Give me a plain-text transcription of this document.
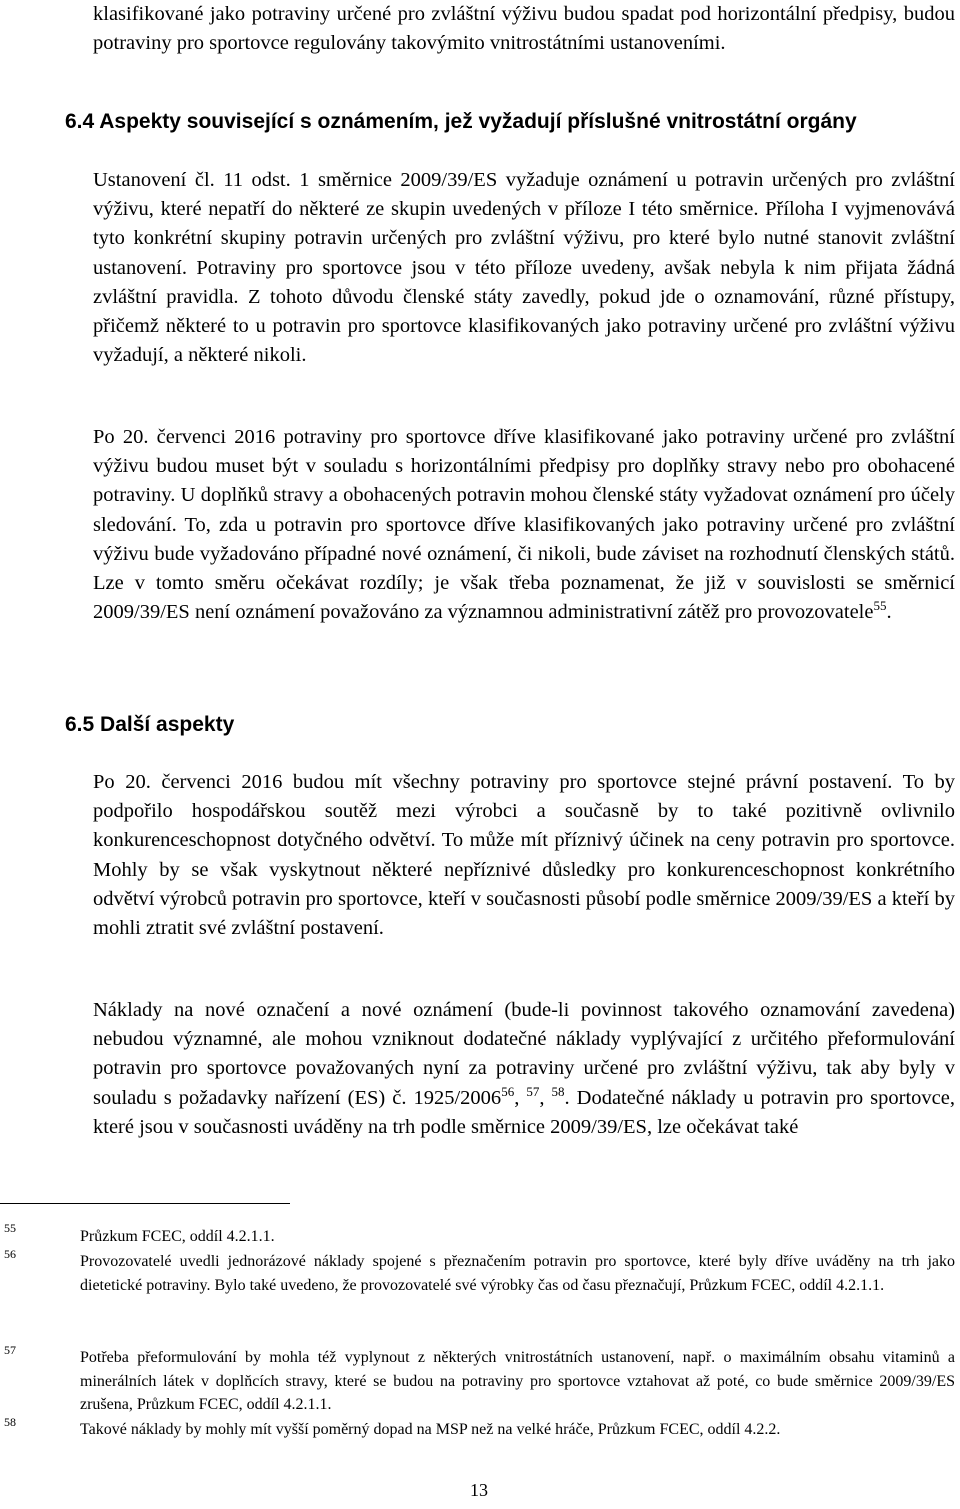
klasifikované jako potraviny určené pro zvláštní výživu budou spadat pod horizontální předpisy, budou potraviny pro sportovce regulovány takovýmito vnitrostátními ustanoveními.

6.4 Aspekty související s oznámením, jež vyžadují příslušné vnitrostátní orgány

Ustanovení čl. 11 odst. 1 směrnice 2009/39/ES vyžaduje oznámení u potravin určených pro zvláštní výživu, které nepatří do některé ze skupin uvedených v příloze I této směrnice. Příloha I vyjmenovává tyto konkrétní skupiny potravin určených pro zvláštní výživu, pro které bylo nutné stanovit zvláštní ustanovení. Potraviny pro sportovce jsou v této příloze uvedeny, avšak nebyla k nim přijata žádná zvláštní pravidla. Z tohoto důvodu členské státy zavedly, pokud jde o oznamování, různé přístupy, přičemž některé to u potravin pro sportovce klasifikovaných jako potraviny určené pro zvláštní výživu vyžadují, a některé nikoli.

Po 20. červenci 2016 potraviny pro sportovce dříve klasifikované jako potraviny určené pro zvláštní výživu budou muset být v souladu s horizontálními předpisy pro doplňky stravy nebo pro obohacené potraviny. U doplňků stravy a obohacených potravin mohou členské státy vyžadovat oznámení pro účely sledování. To, zda u potravin pro sportovce dříve klasifikovaných jako potraviny určené pro zvláštní výživu bude vyžadováno případné nové oznámení, či nikoli, bude záviset na rozhodnutí členských států. Lze v tomto směru očekávat rozdíly; je však třeba poznamenat, že již v souvislosti se směrnicí 2009/39/ES není oznámení považováno za významnou administrativní zátěž pro provozovatele$^{55}$.

6.5 Další aspekty

Po 20. červenci 2016 budou mít všechny potraviny pro sportovce stejné právní postavení. To by podpořilo hospodářskou soutěž mezi výrobci a současně by to také pozitivně ovlivnilo konkurenceschopnost dotyčného odvětví. To může mít příznivý účinek na ceny potravin pro sportovce. Mohly by se však vyskytnout některé nepříznivé důsledky pro konkurenceschopnost konkrétního odvětví výrobců potravin pro sportovce, kteří v současnosti působí podle směrnice 2009/39/ES a kteří by mohli ztratit své zvláštní postavení.

Náklady na nové označení a nové oznámení (bude-li povinnost takového oznamování zavedena) nebudou významné, ale mohou vzniknout dodatečné náklady vyplývající z určitého přeformulování potravin pro sportovce považovaných nyní za potraviny určené pro zvláštní výživu, tak aby byly v souladu s požadavky nařízení (ES) č. 1925/2006$^{56}$, $^{57}$, $^{58}$. Dodatečné náklady u potravin pro sportovce, které jsou v současnosti uváděny na trh podle směrnice 2009/39/ES, lze očekávat také

55	Průzkum FCEC, oddíl 4.2.1.1.

56	Provozovatelé uvedli jednorázové náklady spojené s přeznačením potravin pro sportovce, které byly dříve uváděny na trh jako dietetické potraviny. Bylo také uvedeno, že provozovatelé své výrobky čas od času přeznačují, Průzkum FCEC, oddíl 4.2.1.1.

57	Potřeba přeformulování by mohla též vyplynout z některých vnitrostátních ustanovení, např. o maximálním obsahu vitaminů a minerálních látek v doplňcích stravy, které se budou na potraviny pro sportovce vztahovat až poté, co bude směrnice 2009/39/ES zrušena, Průzkum FCEC, oddíl 4.2.1.1.

58	Takové náklady by mohly mít vyšší poměrný dopad na MSP než na velké hráče, Průzkum FCEC, oddíl 4.2.2.

13
